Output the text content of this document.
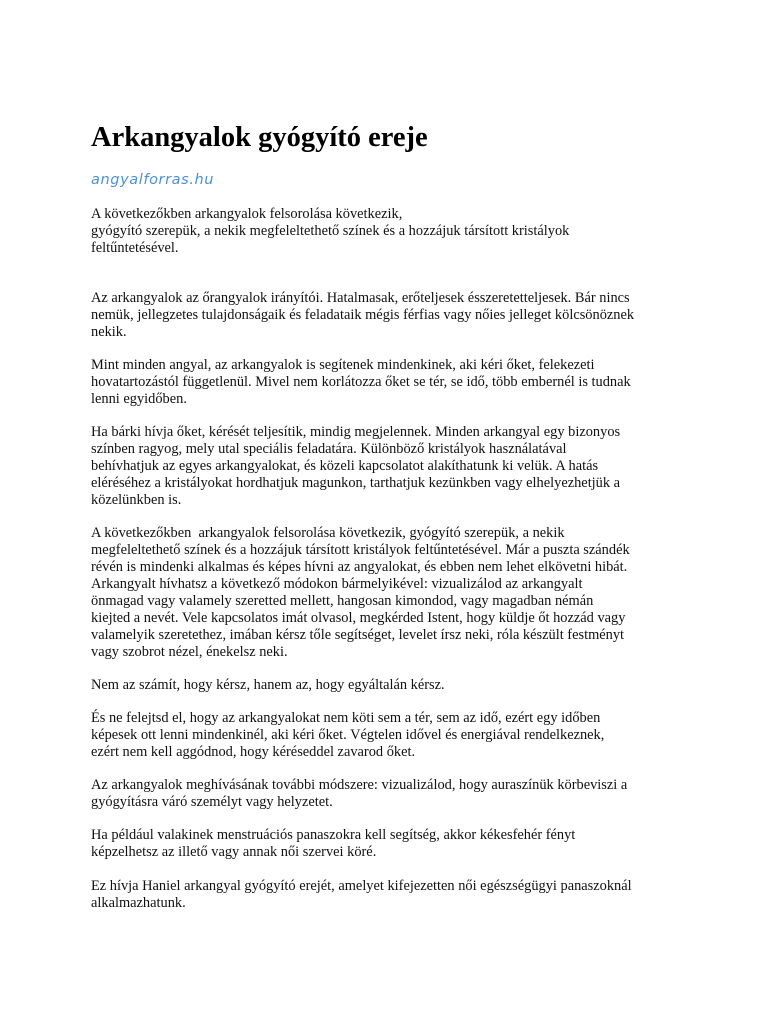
Arkangyalok gyógyító ereje
angyalforras.hu

A következőkben arkangyalok felsorolása következik,
gyógyító szerepük, a nekik megfeleltethető színek és a hozzájuk társított kristályok
feltűntetésével.

Az arkangyalok az őrangyalok irányítói. Hatalmasak, erőteljesek ésszeretetteljesek. Bár nincs
nemük, jellegzetes tulajdonságaik és feladataik mégis férfias vagy nőies jelleget kölcsönöznek
nekik.

Mint minden angyal, az arkangyalok is segítenek mindenkinek, aki kéri őket, felekezeti
hovatartozástól függetlenül. Mivel nem korlátozza őket se tér, se idő, több embernél is tudnak
lenni egyidőben.

Ha bárki hívja őket, kérését teljesítik, mindig megjelennek. Minden arkangyal egy bizonyos
színben ragyog, mely utal speciális feladatára. Különböző kristályok használatával
behívhatjuk az egyes arkangyalokat, és közeli kapcsolatot alakíthatunk ki velük. A hatás
eléréséhez a kristályokat hordhatjuk magunkon, tarthatjuk kezünkben vagy elhelyezhetjük a
közelünkben is.

A következőkben  arkangyalok felsorolása következik, gyógyító szerepük, a nekik
megfeleltethető színek és a hozzájuk társított kristályok feltűntetésével. Már a puszta szándék
révén is mindenki alkalmas és képes hívni az angyalokat, és ebben nem lehet elkövetni hibát.
Arkangyalt hívhatsz a következő módokon bármelyikével: vizualizálod az arkangyalt
önmagad vagy valamely szeretted mellett, hangosan kimondod, vagy magadban némán
kiejted a nevét. Vele kapcsolatos imát olvasol, megkérded Istent, hogy küldje őt hozzád vagy
valamelyik szeretethez, imában kérsz tőle segítséget, levelet írsz neki, róla készült festményt
vagy szobrot nézel, énekelsz neki.

Nem az számít, hogy kérsz, hanem az, hogy egyáltalán kérsz.

És ne felejtsd el, hogy az arkangyalokat nem köti sem a tér, sem az idő, ezért egy időben
képesek ott lenni mindenkinél, aki kéri őket. Végtelen idővel és energiával rendelkeznek,
ezért nem kell aggódnod, hogy kéréseddel zavarod őket.

Az arkangyalok meghívásának további módszere: vizualizálod, hogy auraszínük körbeviszi a
gyógyításra váró személyt vagy helyzetet.

Ha például valakinek menstruációs panaszokra kell segítség, akkor kékesfehér fényt
képzelhetsz az illető vagy annak női szervei köré.

Ez hívja Haniel arkangyal gyógyító erejét, amelyet kifejezetten női egészségügyi panaszoknál
alkalmazhatunk.
